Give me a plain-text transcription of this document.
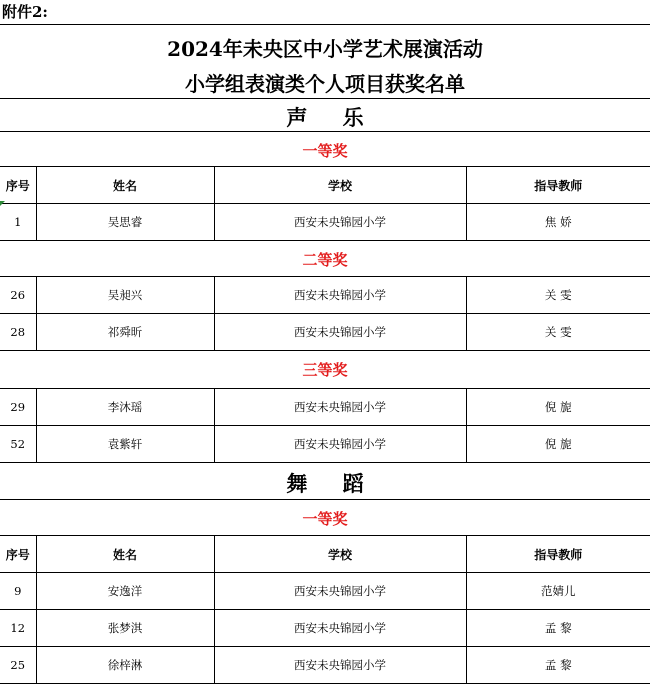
附件2:
2024年未央区中小学艺术展演活动
小学组表演类个人项目获奖名单
声 乐
一等奖
序号	姓名	学校	指导教师
1	吴思睿	西安未央锦园小学	焦 娇
二等奖
26	吴昶兴	西安未央锦园小学	关 雯
28	祁舜昕	西安未央锦园小学	关 雯
三等奖
29	李沐瑶	西安未央锦园小学	倪 旎
52	袁紫轩	西安未央锦园小学	倪 旎
舞 蹈
一等奖
序号	姓名	学校	指导教师
9	安逸洋	西安未央锦园小学	范婧儿
12	张梦淇	西安未央锦园小学	孟 黎
25	徐梓淋	西安未央锦园小学	孟 黎
